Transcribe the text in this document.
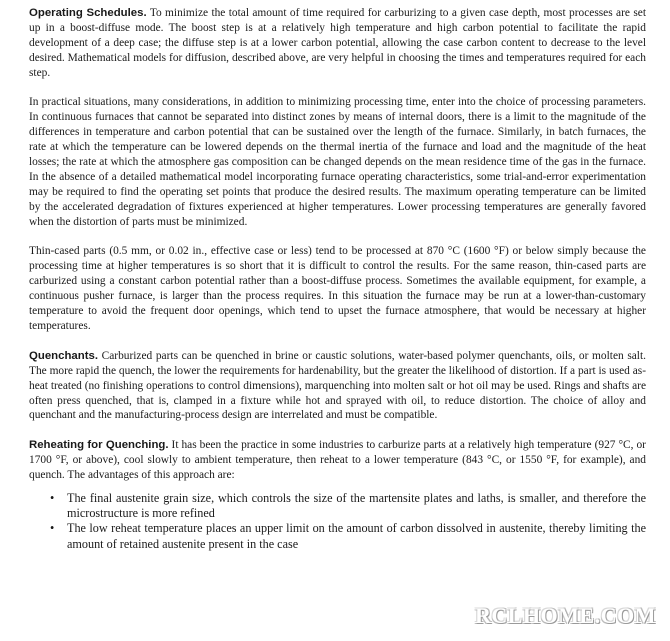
Operating Schedules. To minimize the total amount of time required for carburizing to a given case depth, most processes are set up in a boost-diffuse mode. The boost step is at a relatively high temperature and high carbon potential to facilitate the rapid development of a deep case; the diffuse step is at a lower carbon potential, allowing the case carbon content to decrease to the level desired. Mathematical models for diffusion, described above, are very helpful in choosing the times and temperatures required for each step.

In practical situations, many considerations, in addition to minimizing processing time, enter into the choice of processing parameters. In continuous furnaces that cannot be separated into distinct zones by means of internal doors, there is a limit to the magnitude of the differences in temperature and carbon potential that can be sustained over the length of the furnace. Similarly, in batch furnaces, the rate at which the temperature can be lowered depends on the thermal inertia of the furnace and load and the magnitude of the heat losses; the rate at which the atmosphere gas composition can be changed depends on the mean residence time of the gas in the furnace. In the absence of a detailed mathematical model incorporating furnace operating characteristics, some trial-and-error experimentation may be required to find the operating set points that produce the desired results. The maximum operating temperature can be limited by the accelerated degradation of fixtures experienced at higher temperatures. Lower processing temperatures are generally favored when the distortion of parts must be minimized.

Thin-cased parts (0.5 mm, or 0.02 in., effective case or less) tend to be processed at 870 °C (1600 °F) or below simply because the processing time at higher temperatures is so short that it is difficult to control the results. For the same reason, thin-cased parts are carburized using a constant carbon potential rather than a boost-diffuse process. Sometimes the available equipment, for example, a continuous pusher furnace, is larger than the process requires. In this situation the furnace may be run at a lower-than-customary temperature to avoid the frequent door openings, which tend to upset the furnace atmosphere, that would be necessary at higher temperatures.

Quenchants. Carburized parts can be quenched in brine or caustic solutions, water-based polymer quenchants, oils, or molten salt. The more rapid the quench, the lower the requirements for hardenability, but the greater the likelihood of distortion. If a part is used as-heat treated (no finishing operations to control dimensions), marquenching into molten salt or hot oil may be used. Rings and shafts are often press quenched, that is, clamped in a fixture while hot and sprayed with oil, to reduce distortion. The choice of alloy and quenchant and the manufacturing-process design are interrelated and must be compatible.

Reheating for Quenching. It has been the practice in some industries to carburize parts at a relatively high temperature (927 °C, or 1700 °F, or above), cool slowly to ambient temperature, then reheat to a lower temperature (843 °C, or 1550 °F, for example), and quench. The advantages of this approach are:

• The final austenite grain size, which controls the size of the martensite plates and laths, is smaller, and therefore the microstructure is more refined
• The low reheat temperature places an upper limit on the amount of carbon dissolved in austenite, thereby limiting the amount of retained austenite present in the case
RCLHOME.COM
